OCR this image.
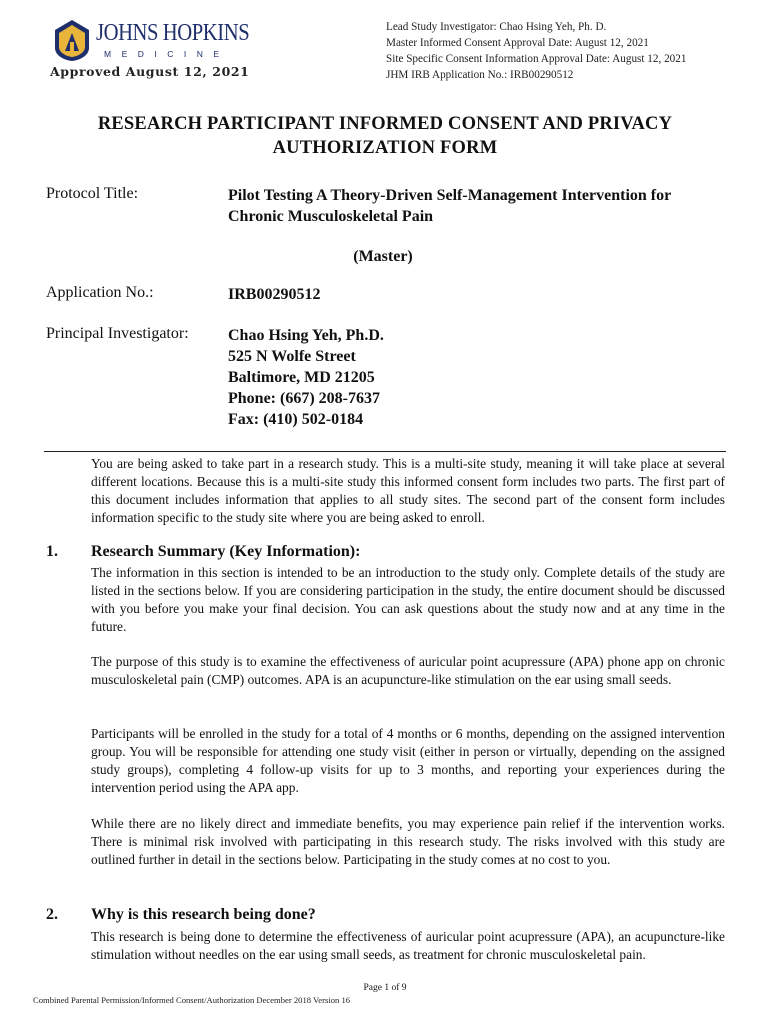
JOHNS HOPKINS
MEDICINE
Approved August 12, 2021
Lead Study Investigator: Chao Hsing Yeh, Ph. D.
Master Informed Consent Approval Date: August 12, 2021
Site Specific Consent Information Approval Date: August 12, 2021
JHM IRB Application No.: IRB00290512
RESEARCH PARTICIPANT INFORMED CONSENT AND PRIVACY
AUTHORIZATION FORM
Protocol Title:	Pilot Testing A Theory-Driven Self-Management Intervention for
Chronic Musculoskeletal Pain
(Master)
Application No.:	IRB00290512
Principal Investigator: Chao Hsing Yeh, Ph.D.
525 N Wolfe Street
Baltimore, MD 21205
Phone: (667) 208-7637
Fax: (410) 502-0184
You are being asked to take part in a research study. This is a multi-site study, meaning it will take place at several different locations. Because this is a multi-site study this informed consent form includes two parts. The first part of this document includes information that applies to all study sites. The second part of the consent form includes information specific to the study site where you are being asked to enroll.
1. Research Summary (Key Information):
The information in this section is intended to be an introduction to the study only. Complete details of the study are listed in the sections below. If you are considering participation in the study, the entire document should be discussed with you before you make your final decision. You can ask questions about the study now and at any time in the future.
The purpose of this study is to examine the effectiveness of auricular point acupressure (APA) phone app on chronic musculoskeletal pain (CMP) outcomes. APA is an acupuncture-like stimulation on the ear using small seeds.
Participants will be enrolled in the study for a total of 4 months or 6 months, depending on the assigned intervention group. You will be responsible for attending one study visit (either in person or virtually, depending on the assigned study groups), completing 4 follow-up visits for up to 3 months, and reporting your experiences during the intervention period using the APA app.
While there are no likely direct and immediate benefits, you may experience pain relief if the intervention works. There is minimal risk involved with participating in this research study. The risks involved with this study are outlined further in detail in the sections below. Participating in the study comes at no cost to you.
2. Why is this research being done?
This research is being done to determine the effectiveness of auricular point acupressure (APA), an acupuncture-like stimulation without needles on the ear using small seeds, as treatment for chronic musculoskeletal pain.
Page 1 of 9
Combined Parental Permission/Informed Consent/Authorization December 2018 Version 16
